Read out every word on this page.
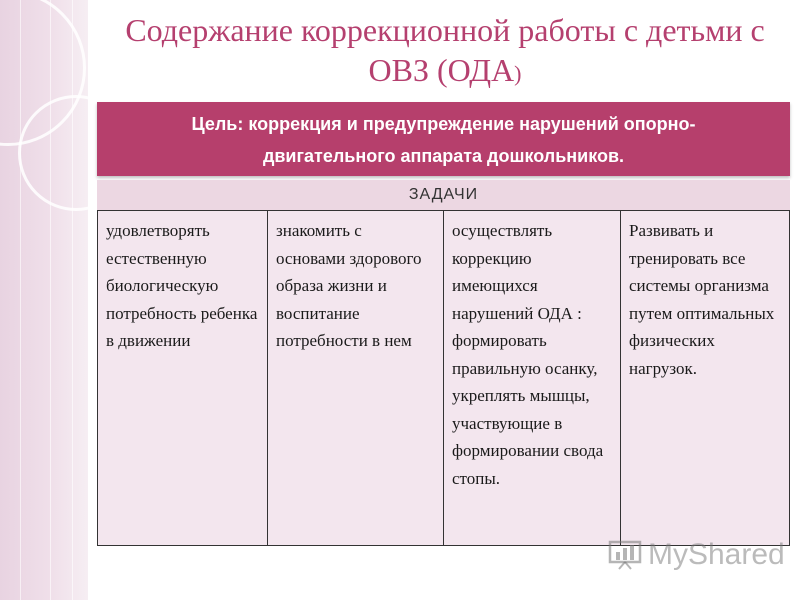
Содержание коррекционной работы с детьми с
ОВЗ (ОДА)
Цель: коррекция и предупреждение нарушений опорно-
двигательного аппарата дошкольников.
ЗАДАЧИ
удовлетворять естественную биологическую потребность ребенка в движении
знакомить с основами здорового образа жизни и воспитание потребности в нем
осуществлять коррекцию имеющихся нарушений ОДА : формировать правильную осанку, укреплять мышцы, участвующие в формировании свода стопы.
Развивать и тренировать все системы организма путем оптимальных физических нагрузок.
MyShared
